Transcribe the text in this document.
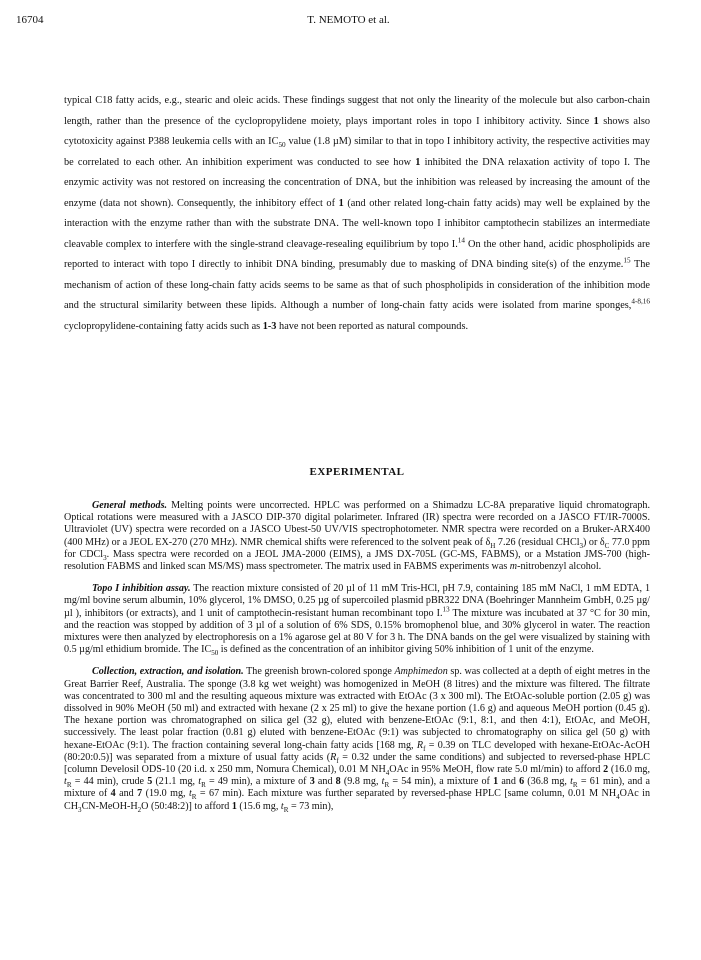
16704	T. NEMOTO et al.

typical C18 fatty acids, e.g., stearic and oleic acids. These findings suggest that not only the linearity of the molecule but also carbon-chain length, rather than the presence of the cyclopropylidene moiety, plays important roles in topo I inhibitory activity. Since 1 shows also cytotoxicity against P388 leukemia cells with an $IC_{50}$ value (1.8 µM) similar to that in topo I inhibitory activity, the respective activities may be correlated to each other. An inhibition experiment was conducted to see how 1 inhibited the DNA relaxation activity of topo I. The enzymic activity was not restored on increasing the concentration of DNA, but the inhibition was released by increasing the amount of the enzyme (data not shown). Consequently, the inhibitory effect of 1 (and other related long-chain fatty acids) may well be explained by the interaction with the enzyme rather than with the substrate DNA. The well-known topo I inhibitor camptothecin stabilizes an intermediate cleavable complex to interfere with the single-strand cleavage-resealing equilibrium by topo I.$^{14}$ On the other hand, acidic phospholipids are reported to interact with topo I directly to inhibit DNA binding, presumably due to masking of DNA binding site(s) of the enzyme.$^{15}$ The mechanism of action of these long-chain fatty acids seems to be same as that of such phospholipids in consideration of the inhibition mode and the structural similarity between these lipids. Although a number of long-chain fatty acids were isolated from marine sponges,$^{4-8,16}$ cyclopropylidene-containing fatty acids such as 1-3 have not been reported as natural compounds.

EXPERIMENTAL

General methods. Melting points were uncorrected. HPLC was performed on a Shimadzu LC-8A preparative liquid chromatograph. Optical rotations were measured with a JASCO DIP-370 digital polarimeter. Infrared (IR) spectra were recorded on a JASCO FT/IR-7000S. Ultraviolet (UV) spectra were recorded on a JASCO Ubest-50 UV/VIS spectrophotometer. NMR spectra were recorded on a Bruker-ARX400 (400 MHz) or a JEOL EX-270 (270 MHz). NMR chemical shifts were referenced to the solvent peak of $\delta_H$ 7.26 (residual CHCl$_3$) or $\delta_C$ 77.0 ppm for CDCl$_3$. Mass spectra were recorded on a JEOL JMA-2000 (EIMS), a JMS DX-705L (GC-MS, FABMS), or a Mstation JMS-700 (high-resolution FABMS and linked scan MS/MS) mass spectrometer. The matrix used in FABMS experiments was m-nitrobenzyl alcohol.

Topo I inhibition assay. The reaction mixture consisted of 20 µl of 11 mM Tris-HCl, pH 7.9, containing 185 mM NaCl, 1 mM EDTA, 1 mg/ml bovine serum albumin, 10% glycerol, 1% DMSO, 0.25 µg of supercoiled plasmid pBR322 DNA (Boehringer Mannheim GmbH, 0.25 µg/µl ), inhibitors (or extracts), and 1 unit of camptothecin-resistant human recombinant topo I.$^{13}$ The mixture was incubated at 37 °C for 30 min, and the reaction was stopped by addition of 3 µl of a solution of 6% SDS, 0.15% bromophenol blue, and 30% glycerol in water. The reaction mixtures were then analyzed by electrophoresis on a 1% agarose gel at 80 V for 3 h. The DNA bands on the gel were visualized by staining with 0.5 µg/ml ethidium bromide. The $IC_{50}$ is defined as the concentration of an inhibitor giving 50% inhibition of 1 unit of the enzyme.

Collection, extraction, and isolation. The greenish brown-colored sponge Amphimedon sp. was collected at a depth of eight metres in the Great Barrier Reef, Australia. The sponge (3.8 kg wet weight) was homogenized in MeOH (8 litres) and the mixture was filtered. The filtrate was concentrated to 300 ml and the resulting aqueous mixture was extracted with EtOAc (3 x 300 ml). The EtOAc-soluble portion (2.05 g) was dissolved in 90% MeOH (50 ml) and extracted with hexane (2 x 25 ml) to give the hexane portion (1.6 g) and aqueous MeOH portion (0.45 g). The hexane portion was chromatographed on silica gel (32 g), eluted with benzene-EtOAc (9:1, 8:1, and then 4:1), EtOAc, and MeOH, successively. The least polar fraction (0.81 g) eluted with benzene-EtOAc (9:1) was subjected to chromatography on silica gel (50 g) with hexane-EtOAc (9:1). The fraction containing several long-chain fatty acids [168 mg, $R_f = 0.39$ on TLC developed with hexane-EtOAc-AcOH (80:20:0.5)] was separated from a mixture of usual fatty acids ($R_f = 0.32$ under the same conditions) and subjected to reversed-phase HPLC [column Develosil ODS-10 (20 i.d. x 250 mm, Nomura Chemical), 0.01 M $NH_4OAc$ in 95% MeOH, flow rate 5.0 ml/min) to afford 2 (16.0 mg, $t_R = 44$ min), crude 5 (21.1 mg, $t_R = 49$ min), a mixture of 3 and 8 (9.8 mg, $t_R = 54$ min), a mixture of 1 and 6 (36.8 mg, $t_R = 61$ min), and a mixture of 4 and 7 (19.0 mg, $t_R = 67$ min). Each mixture was further separated by reversed-phase HPLC [same column, 0.01 M $NH_4OAc$ in $CH_3CN-MeOH-H_2O$ (50:48:2)] to afford 1 (15.6 mg, $t_R = 73$ min),
